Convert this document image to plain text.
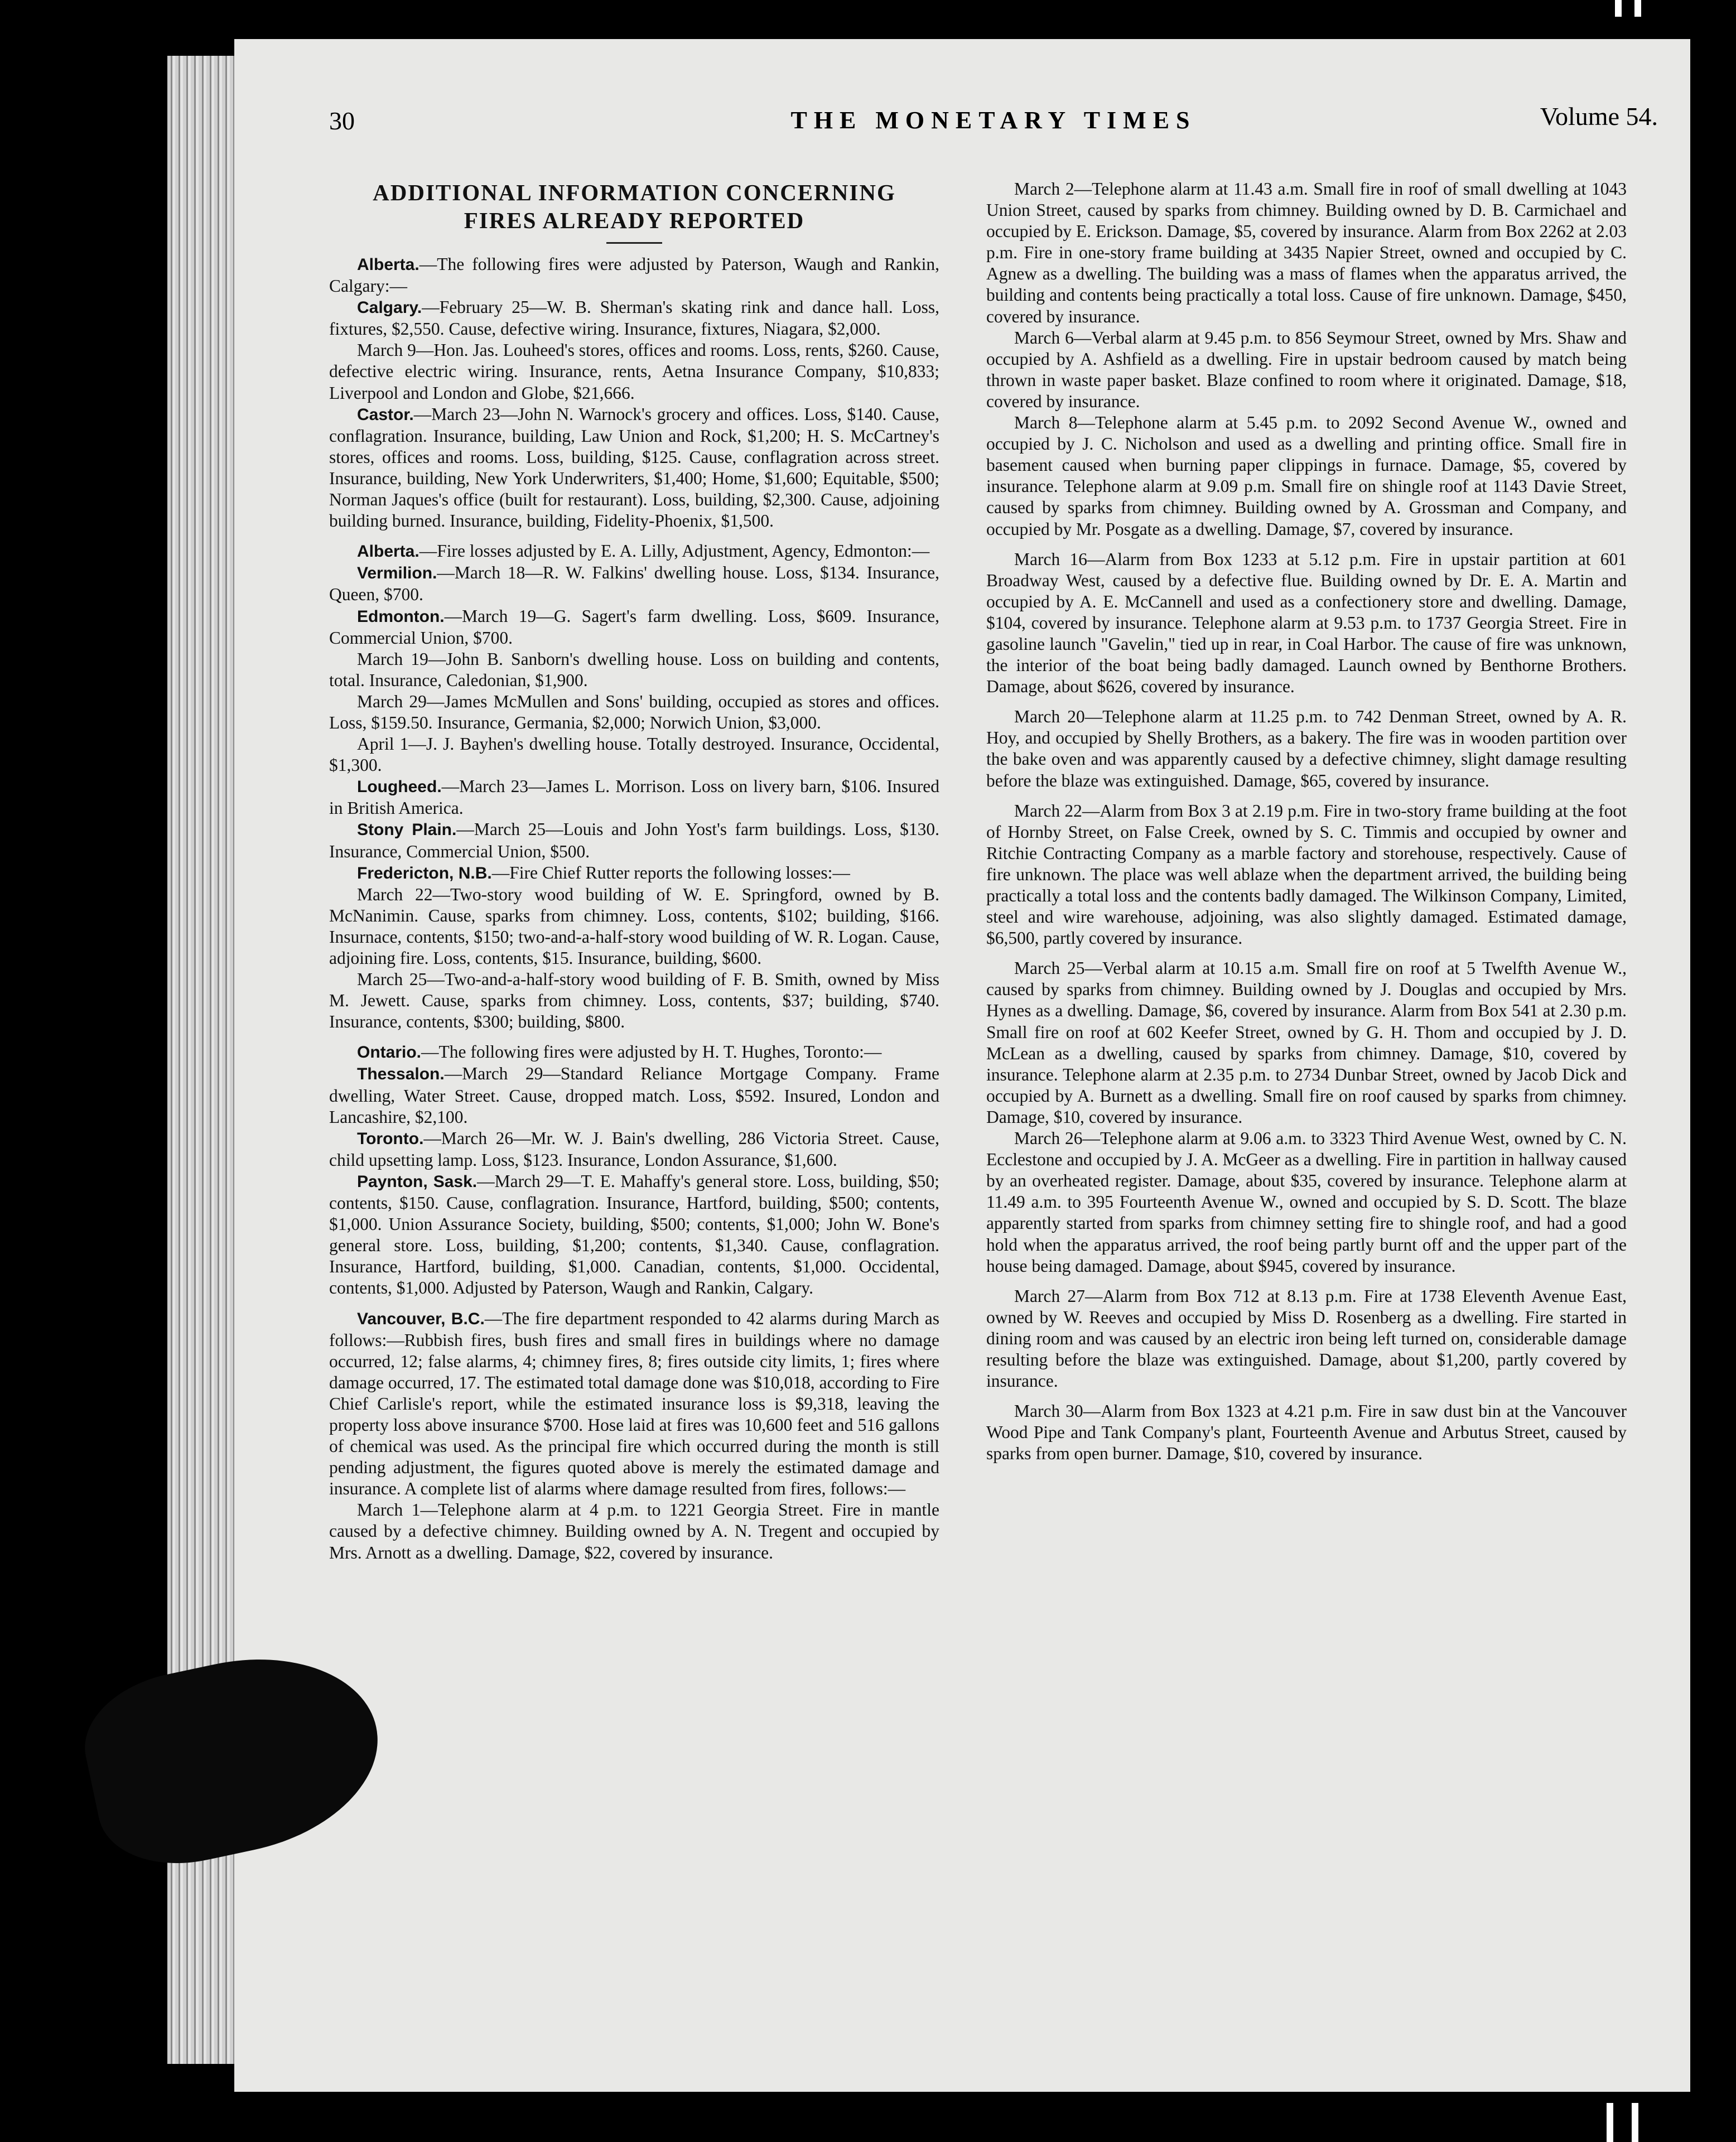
30	THE MONETARY TIMES	Volume 54.
ADDITIONAL INFORMATION CONCERNING
FIRES ALREADY REPORTED

Alberta.—The following fires were adjusted by Paterson, Waugh and Rankin, Calgary:—

Calgary.—February 25—W. B. Sherman's skating rink and dance hall. Loss, fixtures, $2,550. Cause, defective wiring. Insurance, fixtures, Niagara, $2,000.

March 9—Hon. Jas. Louheed's stores, offices and rooms. Loss, rents, $260. Cause, defective electric wiring. Insurance, rents, Aetna Insurance Company, $10,833; Liverpool and London and Globe, $21,666.

Castor.—March 23—John N. Warnock's grocery and offices. Loss, $140. Cause, conflagration. Insurance, building, Law Union and Rock, $1,200; H. S. McCartney's stores, offices and rooms. Loss, building, $125. Cause, conflagration across street. Insurance, building, New York Underwriters, $1,400; Home, $1,600; Equitable, $500; Norman Jaques's office (built for restaurant). Loss, building, $2,300. Cause, adjoining building burned. Insurance, building, Fidelity-Phoenix, $1,500.

Alberta.—Fire losses adjusted by E. A. Lilly, Adjustment, Agency, Edmonton:—

Vermilion.—March 18—R. W. Falkins' dwelling house. Loss, $134. Insurance, Queen, $700.

Edmonton.—March 19—G. Sagert's farm dwelling. Loss, $609. Insurance, Commercial Union, $700.

March 19—John B. Sanborn's dwelling house. Loss on building and contents, total. Insurance, Caledonian, $1,900.

March 29—James McMullen and Sons' building, occupied as stores and offices. Loss, $159.50. Insurance, Germania, $2,000; Norwich Union, $3,000.

April 1—J. J. Bayhen's dwelling house. Totally destroyed. Insurance, Occidental, $1,300.

Lougheed.—March 23—James L. Morrison. Loss on livery barn, $106. Insured in British America.

Stony Plain.—March 25—Louis and John Yost's farm buildings. Loss, $130. Insurance, Commercial Union, $500.

Fredericton, N.B.—Fire Chief Rutter reports the following losses:—

March 22—Two-story wood building of W. E. Springford, owned by B. McNanimin. Cause, sparks from chimney. Loss, contents, $102; building, $166. Insurnace, contents, $150; two-and-a-half-story wood building of W. R. Logan. Cause, adjoining fire. Loss, contents, $15. Insurance, building, $600.

March 25—Two-and-a-half-story wood building of F. B. Smith, owned by Miss M. Jewett. Cause, sparks from chimney. Loss, contents, $37; building, $740. Insurance, contents, $300; building, $800.

Ontario.—The following fires were adjusted by H. T. Hughes, Toronto:—

Thessalon.—March 29—Standard Reliance Mortgage Company. Frame dwelling, Water Street. Cause, dropped match. Loss, $592. Insured, London and Lancashire, $2,100.

Toronto.—March 26—Mr. W. J. Bain's dwelling, 286 Victoria Street. Cause, child upsetting lamp. Loss, $123. Insurance, London Assurance, $1,600.

Paynton, Sask.—March 29—T. E. Mahaffy's general store. Loss, building, $50; contents, $150. Cause, conflagration. Insurance, Hartford, building, $500; contents, $1,000. Union Assurance Society, building, $500; contents, $1,000; John W. Bone's general store. Loss, building, $1,200; contents, $1,340. Cause, conflagration. Insurance, Hartford, building, $1,000. Canadian, contents, $1,000. Occidental, contents, $1,000. Adjusted by Paterson, Waugh and Rankin, Calgary.

Vancouver, B.C.—The fire department responded to 42 alarms during March as follows:—Rubbish fires, bush fires and small fires in buildings where no damage occurred, 12; false alarms, 4; chimney fires, 8; fires outside city limits, 1; fires where damage occurred, 17. The estimated total damage done was $10,018, according to Fire Chief Carlisle's report, while the estimated insurance loss is $9,318, leaving the property loss above insurance $700. Hose laid at fires was 10,600 feet and 516 gallons of chemical was used. As the principal fire which occurred during the month is still pending adjustment, the figures quoted above is merely the estimated damage and insurance. A complete list of alarms where damage resulted from fires, follows:—

March 1—Telephone alarm at 4 p.m. to 1221 Georgia Street. Fire in mantle caused by a defective chimney. Building owned by A. N. Tregent and occupied by Mrs. Arnott as a dwelling. Damage, $22, covered by insurance.

March 2—Telephone alarm at 11.43 a.m. Small fire in roof of small dwelling at 1043 Union Street, caused by sparks from chimney. Building owned by D. B. Carmichael and occupied by E. Erickson. Damage, $5, covered by insurance. Alarm from Box 2262 at 2.03 p.m. Fire in one-story frame building at 3435 Napier Street, owned and occupied by C. Agnew as a dwelling. The building was a mass of flames when the apparatus arrived, the building and contents being practically a total loss. Cause of fire unknown. Damage, $450, covered by insurance.

March 6—Verbal alarm at 9.45 p.m. to 856 Seymour Street, owned by Mrs. Shaw and occupied by A. Ashfield as a dwelling. Fire in upstair bedroom caused by match being thrown in waste paper basket. Blaze confined to room where it originated. Damage, $18, covered by insurance.

March 8—Telephone alarm at 5.45 p.m. to 2092 Second Avenue W., owned and occupied by J. C. Nicholson and used as a dwelling and printing office. Small fire in basement caused when burning paper clippings in furnace. Damage, $5, covered by insurance. Telephone alarm at 9.09 p.m. Small fire on shingle roof at 1143 Davie Street, caused by sparks from chimney. Building owned by A. Grossman and Company, and occupied by Mr. Posgate as a dwelling. Damage, $7, covered by insurance.

March 16—Alarm from Box 1233 at 5.12 p.m. Fire in upstair partition at 601 Broadway West, caused by a defective flue. Building owned by Dr. E. A. Martin and occupied by A. E. McCannell and used as a confectionery store and dwelling. Damage, $104, covered by insurance. Telephone alarm at 9.53 p.m. to 1737 Georgia Street. Fire in gasoline launch "Gavelin," tied up in rear, in Coal Harbor. The cause of fire was unknown, the interior of the boat being badly damaged. Launch owned by Benthorne Brothers. Damage, about $626, covered by insurance.

March 20—Telephone alarm at 11.25 p.m. to 742 Denman Street, owned by A. R. Hoy, and occupied by Shelly Brothers, as a bakery. The fire was in wooden partition over the bake oven and was apparently caused by a defective chimney, slight damage resulting before the blaze was extinguished. Damage, $65, covered by insurance.

March 22—Alarm from Box 3 at 2.19 p.m. Fire in two-story frame building at the foot of Hornby Street, on False Creek, owned by S. C. Timmis and occupied by owner and Ritchie Contracting Company as a marble factory and storehouse, respectively. Cause of fire unknown. The place was well ablaze when the department arrived, the building being practically a total loss and the contents badly damaged. The Wilkinson Company, Limited, steel and wire warehouse, adjoining, was also slightly damaged. Estimated damage, $6,500, partly covered by insurance.

March 25—Verbal alarm at 10.15 a.m. Small fire on roof at 5 Twelfth Avenue W., caused by sparks from chimney. Building owned by J. Douglas and occupied by Mrs. Hynes as a dwelling. Damage, $6, covered by insurance. Alarm from Box 541 at 2.30 p.m. Small fire on roof at 602 Keefer Street, owned by G. H. Thom and occupied by J. D. McLean as a dwelling, caused by sparks from chimney. Damage, $10, covered by insurance. Telephone alarm at 2.35 p.m. to 2734 Dunbar Street, owned by Jacob Dick and occupied by A. Burnett as a dwelling. Small fire on roof caused by sparks from chimney. Damage, $10, covered by insurance.

March 26—Telephone alarm at 9.06 a.m. to 3323 Third Avenue West, owned by C. N. Ecclestone and occupied by J. A. McGeer as a dwelling. Fire in partition in hallway caused by an overheated register. Damage, about $35, covered by insurance. Telephone alarm at 11.49 a.m. to 395 Fourteenth Avenue W., owned and occupied by S. D. Scott. The blaze apparently started from sparks from chimney setting fire to shingle roof, and had a good hold when the apparatus arrived, the roof being partly burnt off and the upper part of the house being damaged. Damage, about $945, covered by insurance.

March 27—Alarm from Box 712 at 8.13 p.m. Fire at 1738 Eleventh Avenue East, owned by W. Reeves and occupied by Miss D. Rosenberg as a dwelling. Fire started in dining room and was caused by an electric iron being left turned on, considerable damage resulting before the blaze was extinguished. Damage, about $1,200, partly covered by insurance.

March 30—Alarm from Box 1323 at 4.21 p.m. Fire in saw dust bin at the Vancouver Wood Pipe and Tank Company's plant, Fourteenth Avenue and Arbutus Street, caused by sparks from open burner. Damage, $10, covered by insurance.
